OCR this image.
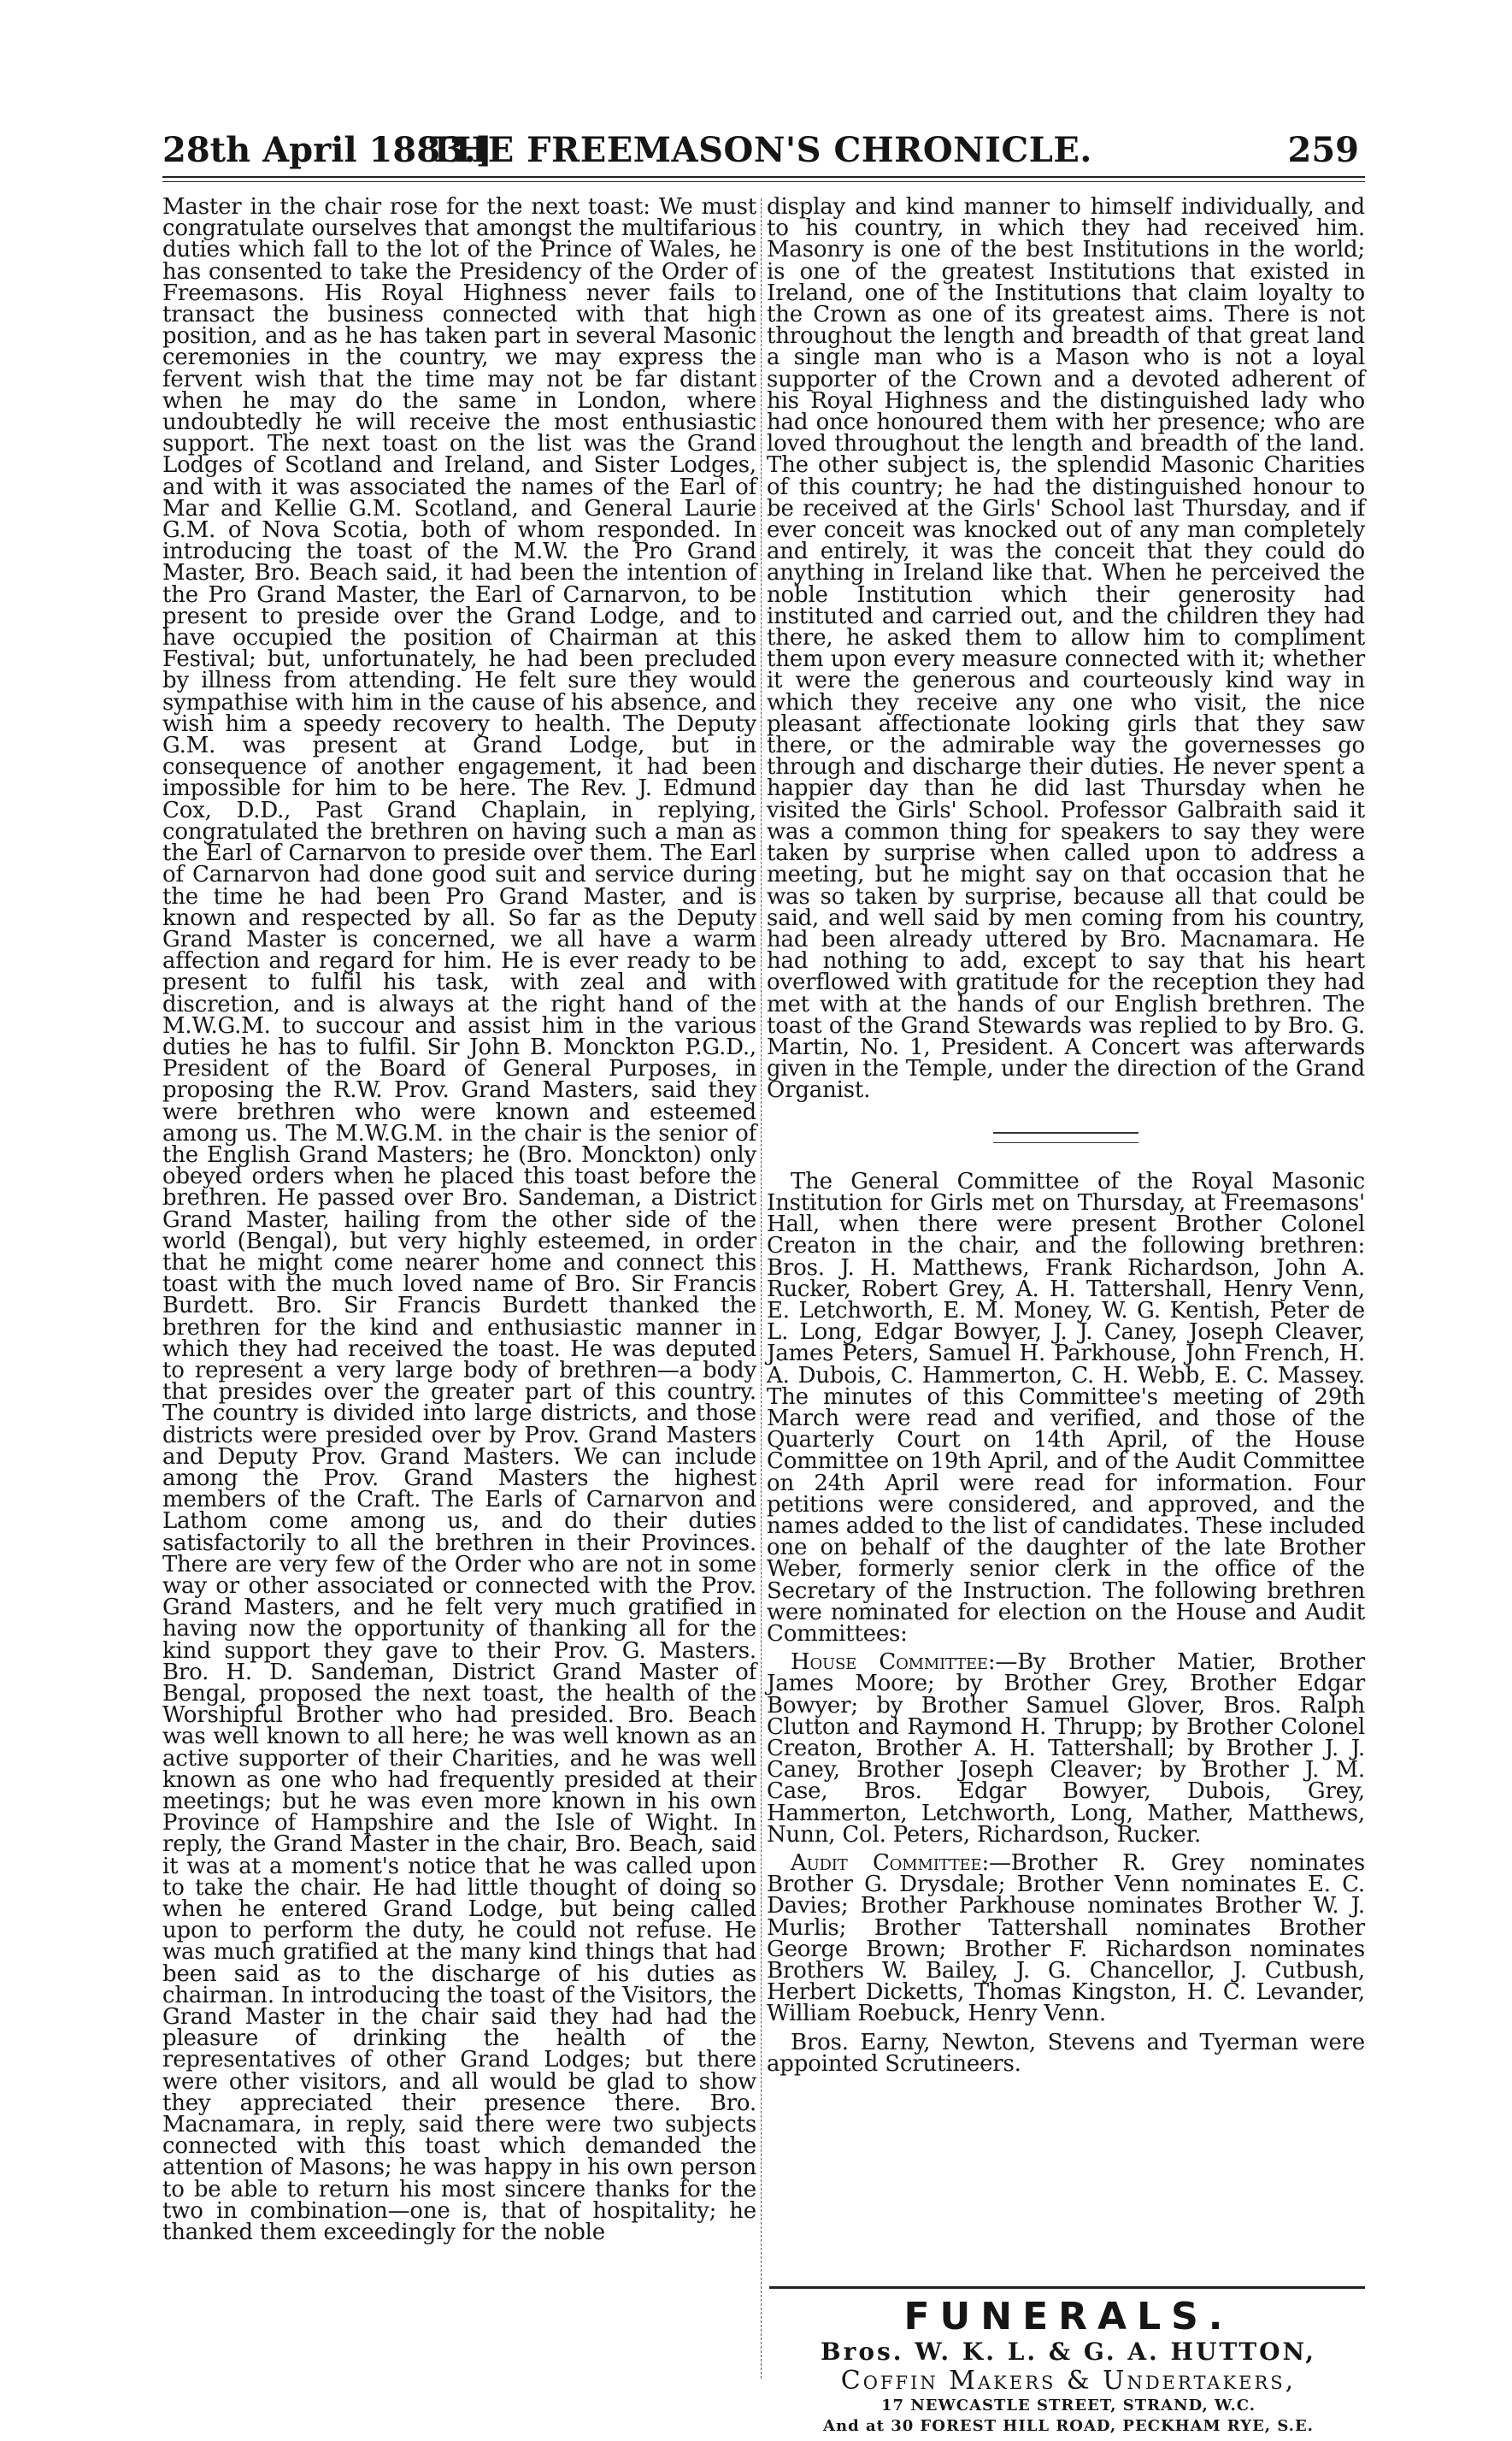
28th April 1883.]
THE FREEMASON'S CHRONICLE.	259

Master in the chair rose for the next toast: We must congratulate ourselves that amongst the multifarious duties which fall to the lot of the Prince of Wales, he has consented to take the Presidency of the Order of Freemasons. His Royal Highness never fails to transact the business connected with that high position, and as he has taken part in several Masonic ceremonies in the country, we may express the fervent wish that the time may not be far distant when he may do the same in London, where undoubtedly he will receive the most enthusiastic support. The next toast on the list was the Grand Lodges of Scotland and Ireland, and Sister Lodges, and with it was associated the names of the Earl of Mar and Kellie G.M. Scotland, and General Laurie G.M. of Nova Scotia, both of whom responded. In introducing the toast of the M.W. the Pro Grand Master, Bro. Beach said, it had been the intention of the Pro Grand Master, the Earl of Carnarvon, to be present to preside over the Grand Lodge, and to have occupied the position of Chairman at this Festival; but, unfortunately, he had been precluded by illness from attending. He felt sure they would sympathise with him in the cause of his absence, and wish him a speedy recovery to health. The Deputy G.M. was present at Grand Lodge, but in consequence of another engagement, it had been impossible for him to be here. The Rev. J. Edmund Cox, D.D., Past Grand Chaplain, in replying, congratulated the brethren on having such a man as the Earl of Carnarvon to preside over them. The Earl of Carnarvon had done good suit and service during the time he had been Pro Grand Master, and is known and respected by all. So far as the Deputy Grand Master is concerned, we all have a warm affection and regard for him. He is ever ready to be present to fulfil his task, with zeal and with discretion, and is always at the right hand of the M.W.G.M. to succour and assist him in the various duties he has to fulfil. Sir John B. Monckton P.G.D., President of the Board of General Purposes, in proposing the R.W. Prov. Grand Masters, said they were brethren who were known and esteemed among us. The M.W.G.M. in the chair is the senior of the English Grand Masters; he (Bro. Monckton) only obeyed orders when he placed this toast before the brethren. He passed over Bro. Sandeman, a District Grand Master, hailing from the other side of the world (Bengal), but very highly esteemed, in order that he might come nearer home and connect this toast with the much loved name of Bro. Sir Francis Burdett. Bro. Sir Francis Burdett thanked the brethren for the kind and enthusiastic manner in which they had received the toast. He was deputed to represent a very large body of brethren—a body that presides over the greater part of this country. The country is divided into large districts, and those districts were presided over by Prov. Grand Masters and Deputy Prov. Grand Masters. We can include among the Prov. Grand Masters the highest members of the Craft. The Earls of Carnarvon and Lathom come among us, and do their duties satisfactorily to all the brethren in their Provinces. There are very few of the Order who are not in some way or other associated or connected with the Prov. Grand Masters, and he felt very much gratified in having now the opportunity of thanking all for the kind support they gave to their Prov. G. Masters. Bro. H. D. Sandeman, District Grand Master of Bengal, proposed the next toast, the health of the Worshipful Brother who had presided. Bro. Beach was well known to all here; he was well known as an active supporter of their Charities, and he was well known as one who had frequently presided at their meetings; but he was even more known in his own Province of Hampshire and the Isle of Wight. In reply, the Grand Master in the chair, Bro. Beach, said it was at a moment's notice that he was called upon to take the chair. He had little thought of doing so when he entered Grand Lodge, but being called upon to perform the duty, he could not refuse. He was much gratified at the many kind things that had been said as to the discharge of his duties as chairman. In introducing the toast of the Visitors, the Grand Master in the chair said they had had the pleasure of drinking the health of the representatives of other Grand Lodges; but there were other visitors, and all would be glad to show they appreciated their presence there. Bro. Macnamara, in reply, said there were two subjects connected with this toast which demanded the attention of Masons; he was happy in his own person to be able to return his most sincere thanks for the two in combination—one is, that of hospitality; he thanked them exceedingly for the noble

display and kind manner to himself individually, and to his country, in which they had received him. Masonry is one of the best Institutions in the world; is one of the greatest Institutions that existed in Ireland, one of the Institutions that claim loyalty to the Crown as one of its greatest aims. There is not throughout the length and breadth of that great land a single man who is a Mason who is not a loyal supporter of the Crown and a devoted adherent of his Royal Highness and the distinguished lady who had once honoured them with her presence; who are loved throughout the length and breadth of the land. The other subject is, the splendid Masonic Charities of this country; he had the distinguished honour to be received at the Girls' School last Thursday, and if ever conceit was knocked out of any man completely and entirely, it was the conceit that they could do anything in Ireland like that. When he perceived the noble Institution which their generosity had instituted and carried out, and the children they had there, he asked them to allow him to compliment them upon every measure connected with it; whether it were the generous and courteously kind way in which they receive any one who visit, the nice pleasant affectionate looking girls that they saw there, or the admirable way the governesses go through and discharge their duties. He never spent a happier day than he did last Thursday when he visited the Girls' School. Professor Galbraith said it was a common thing for speakers to say they were taken by surprise when called upon to address a meeting, but he might say on that occasion that he was so taken by surprise, because all that could be said, and well said by men coming from his country, had been already uttered by Bro. Macnamara. He had nothing to add, except to say that his heart overflowed with gratitude for the reception they had met with at the hands of our English brethren. The toast of the Grand Stewards was replied to by Bro. G. Martin, No. 1, President. A Concert was afterwards given in the Temple, under the direction of the Grand Organist.

The General Committee of the Royal Masonic Institution for Girls met on Thursday, at Freemasons' Hall, when there were present Brother Colonel Creaton in the chair, and the following brethren: Bros. J. H. Matthews, Frank Richardson, John A. Rucker, Robert Grey, A. H. Tattershall, Henry Venn, E. Letchworth, E. M. Money, W. G. Kentish, Peter de L. Long, Edgar Bowyer, J. J. Caney, Joseph Cleaver, James Peters, Samuel H. Parkhouse, John French, H. A. Dubois, C. Hammerton, C. H. Webb, E. C. Massey. The minutes of this Committee's meeting of 29th March were read and verified, and those of the Quarterly Court on 14th April, of the House Committee on 19th April, and of the Audit Committee on 24th April were read for information. Four petitions were considered, and approved, and the names added to the list of candidates. These included one on behalf of the daughter of the late Brother Weber, formerly senior clerk in the office of the Secretary of the Instruction. The following brethren were nominated for election on the House and Audit Committees:

House Committee:—By Brother Matier, Brother James Moore; by Brother Grey, Brother Edgar Bowyer; by Brother Samuel Glover, Bros. Ralph Clutton and Raymond H. Thrupp; by Brother Colonel Creaton, Brother A. H. Tattershall; by Brother J. J. Caney, Brother Joseph Cleaver; by Brother J. M. Case, Bros. Edgar Bowyer, Dubois, Grey, Hammerton, Letchworth, Long, Mather, Matthews, Nunn, Col. Peters, Richardson, Rucker.

Audit Committee:—Brother R. Grey nominates Brother G. Drysdale; Brother Venn nominates E. C. Davies; Brother Parkhouse nominates Brother W. J. Murlis; Brother Tattershall nominates Brother George Brown; Brother F. Richardson nominates Brothers W. Bailey, J. G. Chancellor, J. Cutbush, Herbert Dicketts, Thomas Kingston, H. C. Levander, William Roebuck, Henry Venn.

Bros. Earny, Newton, Stevens and Tyerman were appointed Scrutineers.

FUNERALS.
Bros. W. K. L. & G. A. HUTTON,
Coffin Makers & Undertakers,
17 NEWCASTLE STREET, STRAND, W.C.
And at 30 FOREST HILL ROAD, PECKHAM RYE, S.E.
